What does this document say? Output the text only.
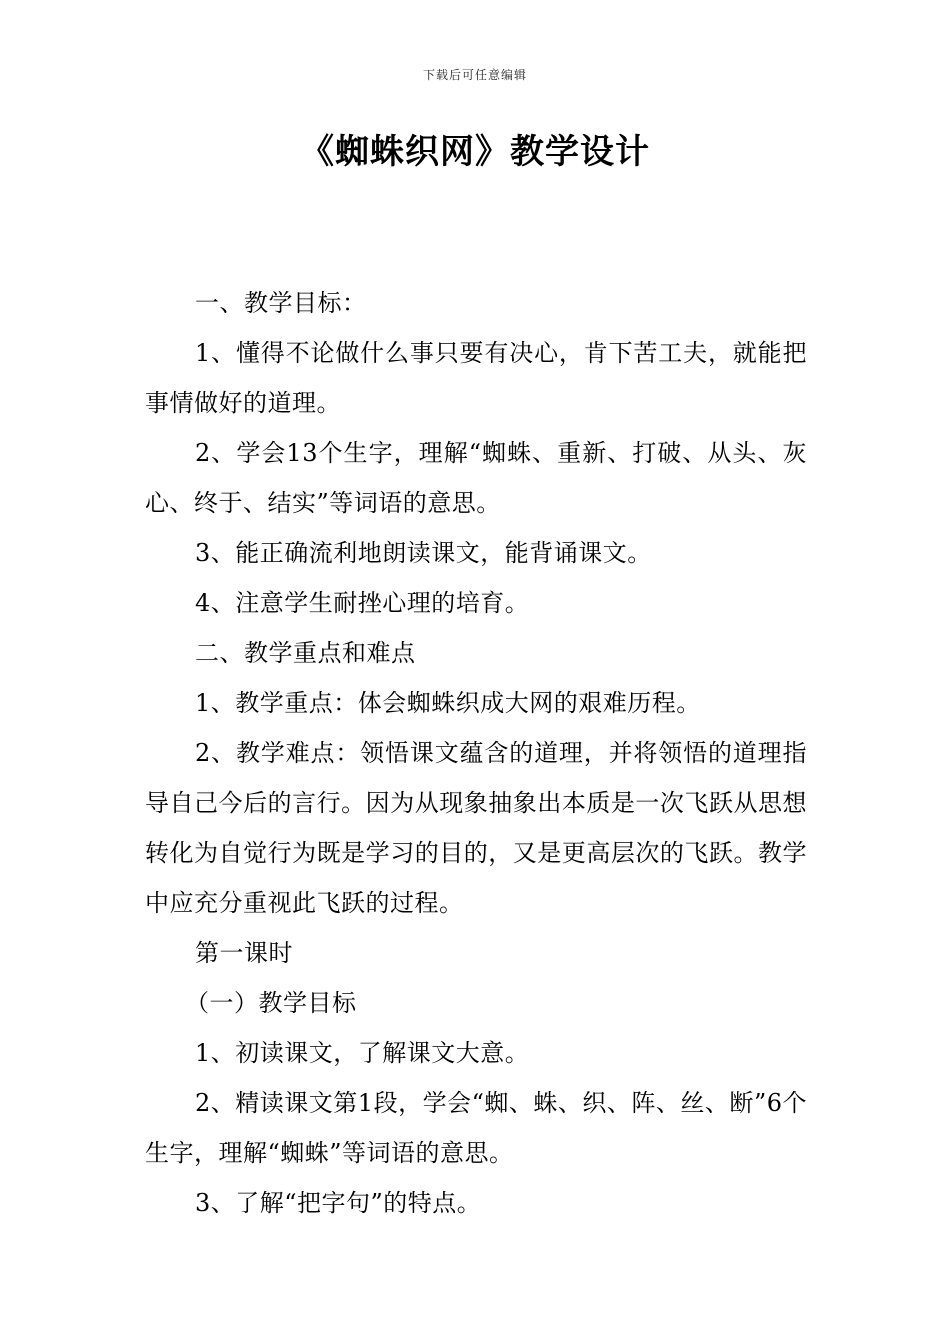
下载后可任意编辑
《蜘蛛织网》教学设计

一、教学目标：

1、懂得不论做什么事只要有决心，肯下苦工夫，就能把事情做好的道理。

2、学会13个生字，理解“蜘蛛、重新、打破、从头、灰心、终于、结实”等词语的意思。

3、能正确流利地朗读课文，能背诵课文。

4、注意学生耐挫心理的培育。

二、教学重点和难点

1、教学重点：体会蜘蛛织成大网的艰难历程。

2、教学难点：领悟课文蕴含的道理，并将领悟的道理指导自己今后的言行。因为从现象抽象出本质是一次飞跃从思想转化为自觉行为既是学习的目的，又是更高层次的飞跃。教学中应充分重视此飞跃的过程。

第一课时

（一）教学目标

1、初读课文，了解课文大意。

2、精读课文第1段，学会“蜘、蛛、织、阵、丝、断”6个生字，理解“蜘蛛”等词语的意思。

3、了解“把字句”的特点。
